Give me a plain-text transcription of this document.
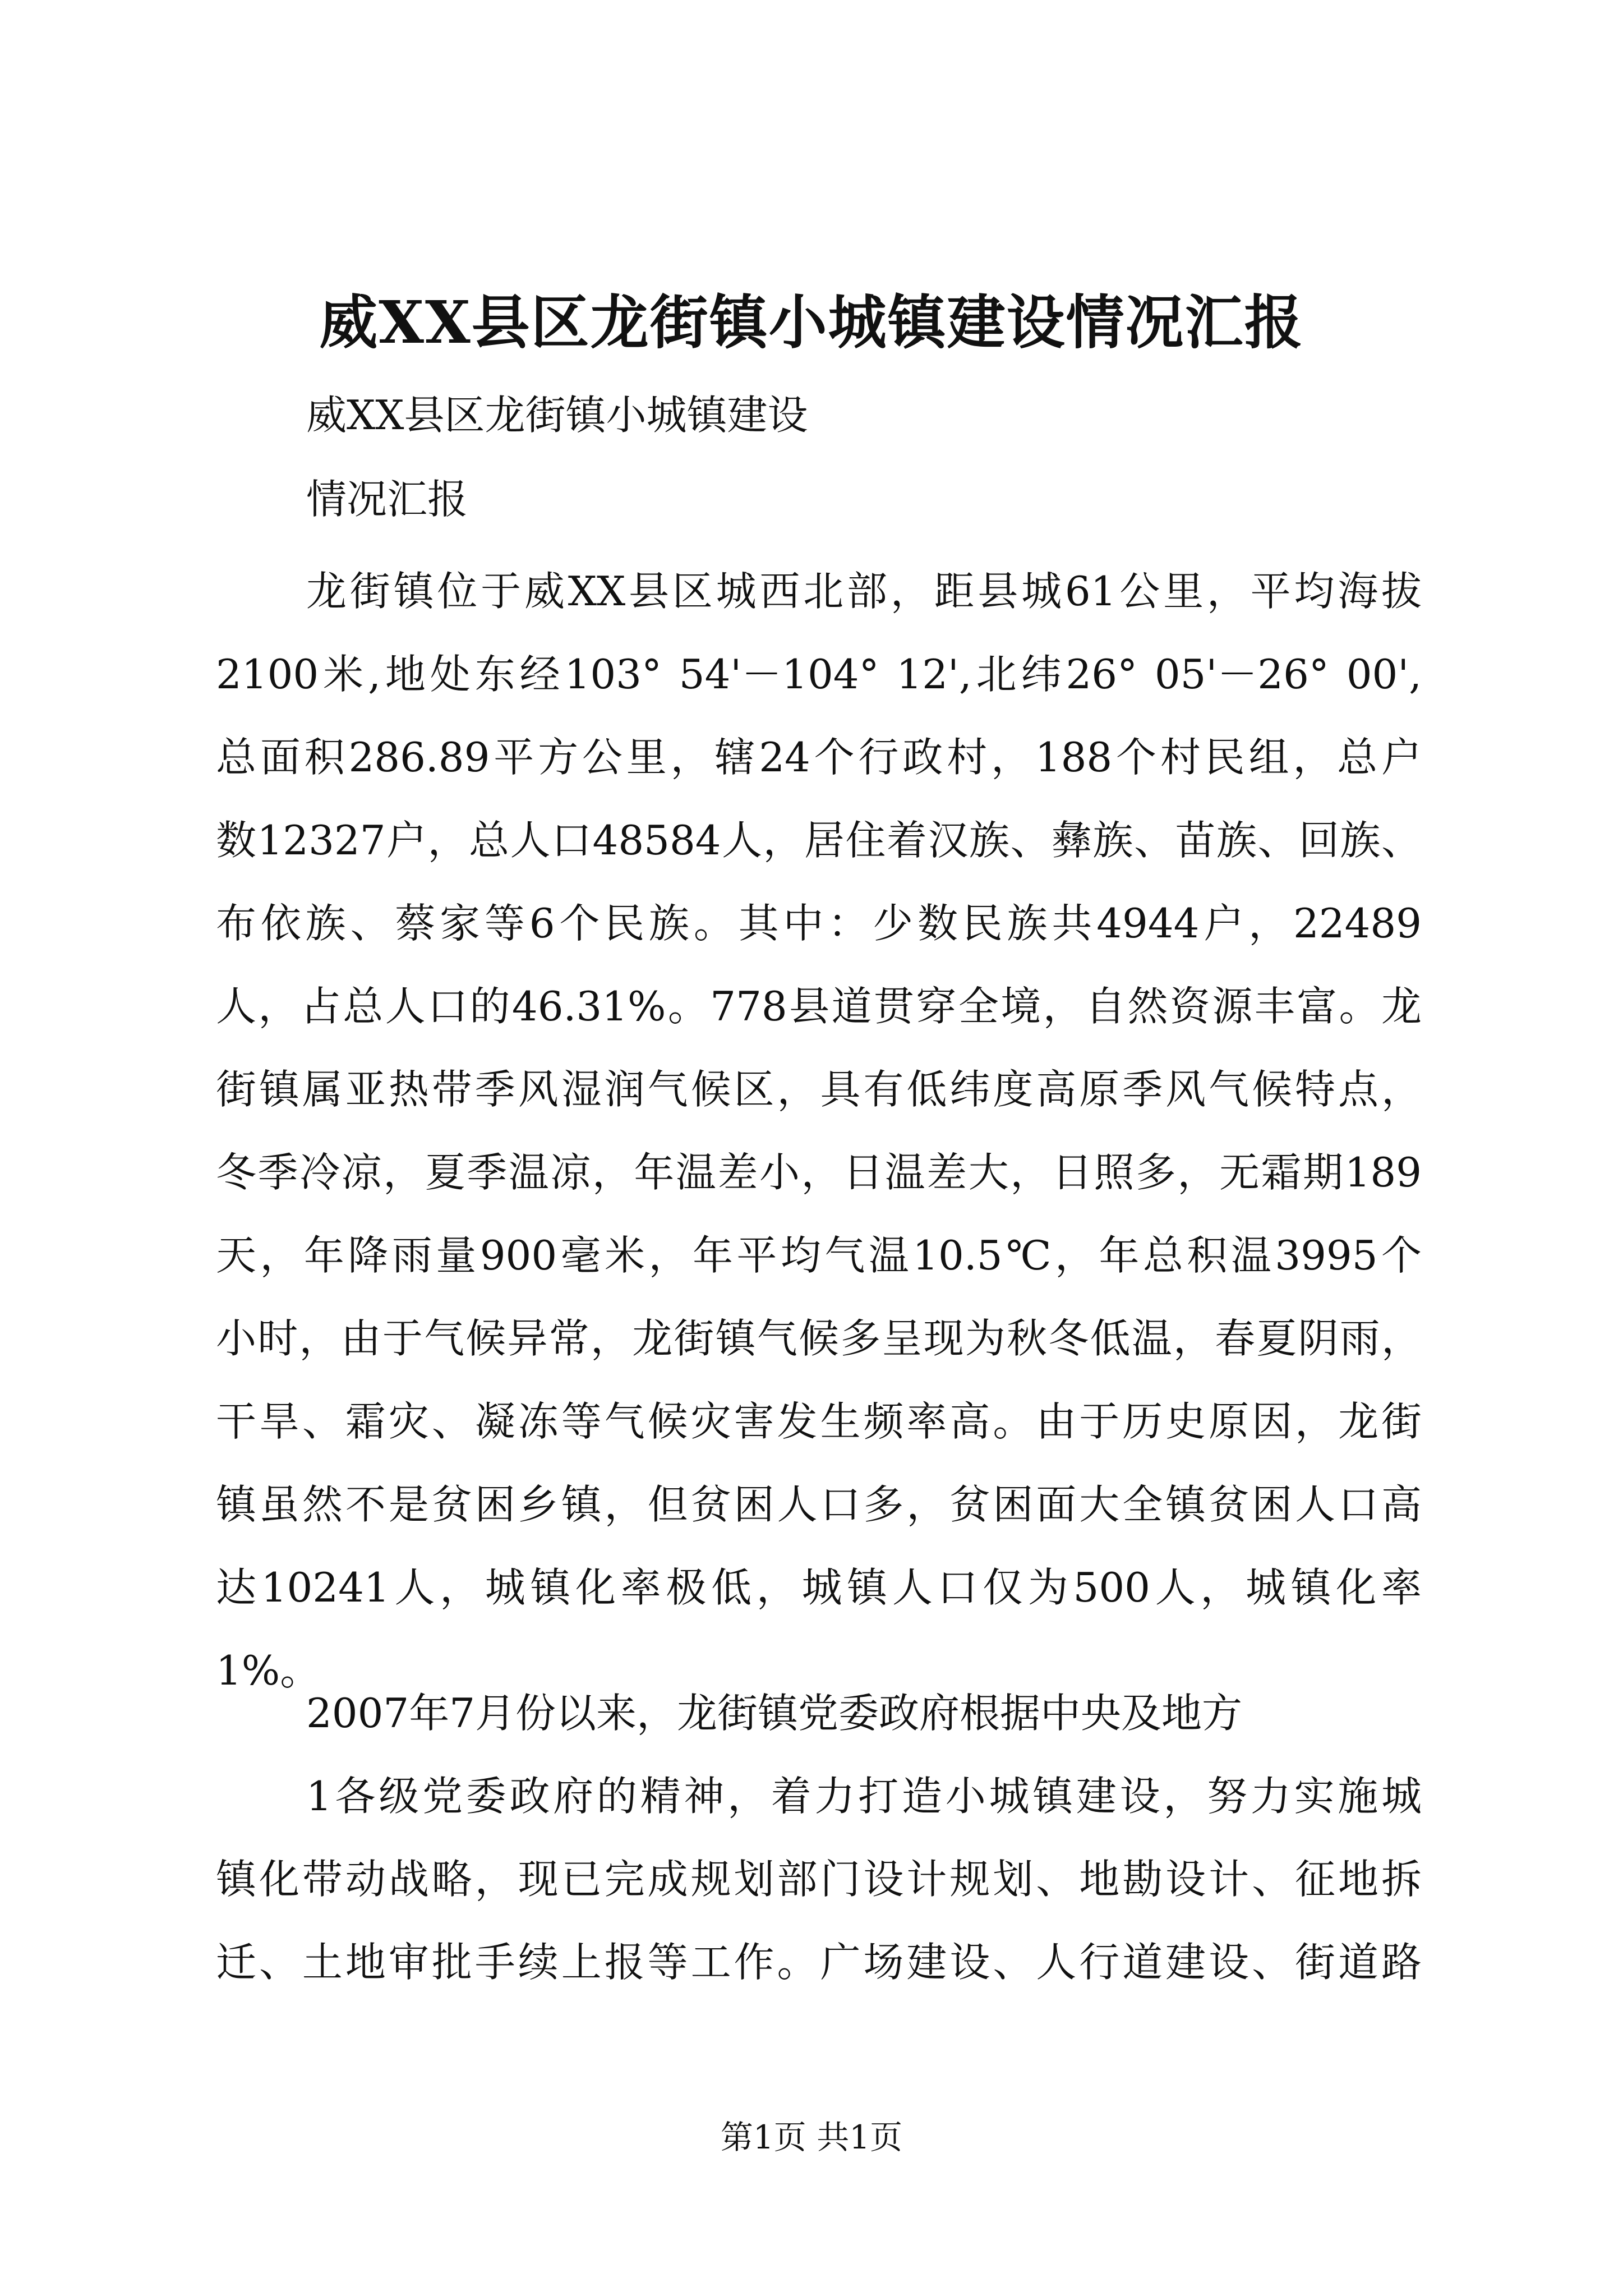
威XX县区龙街镇小城镇建设情况汇报
威XX县区龙街镇小城镇建设
情况汇报
龙街镇位于威XX县区城西北部，距县城61公里，平均海拔
2100米,地处东经103° 54'－104° 12',北纬26° 05'－26° 00',
总面积286.89平方公里，辖24个行政村，188个村民组，总户
数12327户，总人口48584人，居住着汉族、彝族、苗族、回族、
布依族、蔡家等6个民族。其中：少数民族共4944户，22489
人，占总人口的46.31%。778县道贯穿全境，自然资源丰富。龙
街镇属亚热带季风湿润气候区，具有低纬度高原季风气候特点，
冬季冷凉，夏季温凉，年温差小，日温差大，日照多，无霜期189
天，年降雨量900毫米，年平均气温10.5℃，年总积温3995个
小时，由于气候异常，龙街镇气候多呈现为秋冬低温，春夏阴雨，
干旱、霜灾、凝冻等气候灾害发生频率高。由于历史原因，龙街
镇虽然不是贫困乡镇，但贫困人口多，贫困面大全镇贫困人口高
达10241人，城镇化率极低，城镇人口仅为500人，城镇化率
1%。
2007年7月份以来，龙街镇党委政府根据中央及地方
1各级党委政府的精神，着力打造小城镇建设，努力实施城
镇化带动战略，现已完成规划部门设计规划、地勘设计、征地拆
迁、土地审批手续上报等工作。广场建设、人行道建设、街道路
第1页 共1页
